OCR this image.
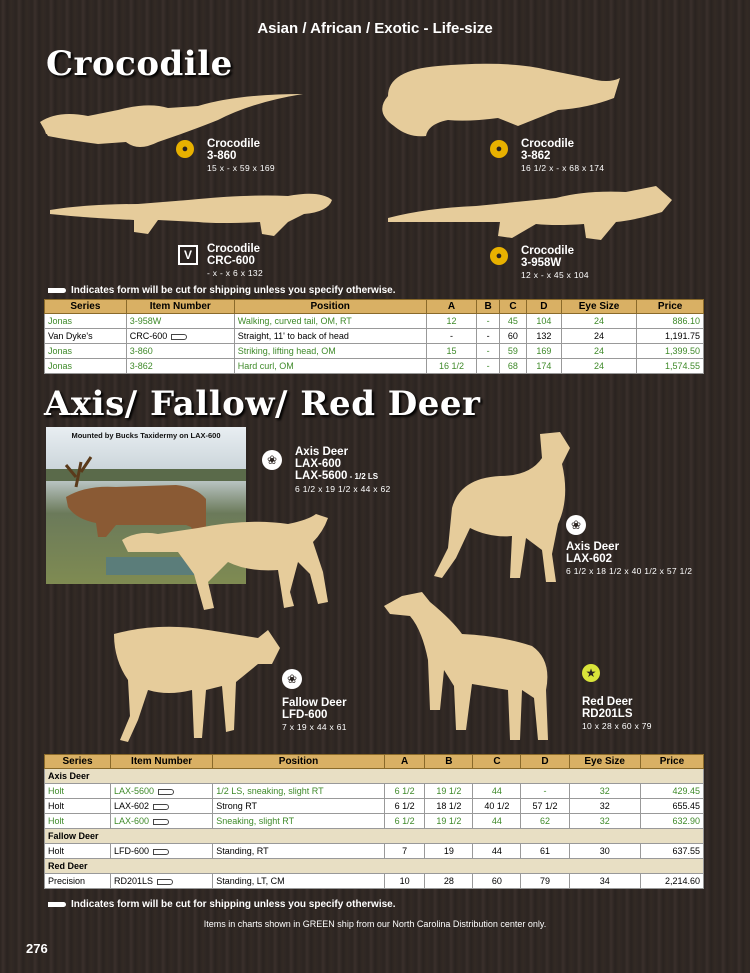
Asian / African / Exotic - Life-size
Crocodile
●	Crocodile
3-860
15 x - x 59 x 169
●	Crocodile
3-862
16 1/2 x - x 68 x 174
V	Crocodile
CRC-600
- x - x 6 x 132
●	Crocodile
3-958W
12 x - x 45 x 104
Indicates form will be cut for shipping unless you specify otherwise.
Series	Item Number	Position	A	B	C	D	Eye Size	Price
Jonas	3-958W	Walking, curved tail, OM, RT	12	-	45	104	24	886.10
Van Dyke's	CRC-600	Straight, 11' to back of head	-	-	60	132	24	1,191.75
Jonas	3-860	Striking, lifting head, OM	15	-	59	169	24	1,399.50
Jonas	3-862	Hard curl, OM	16 1/2	-	68	174	24	1,574.55
Axis/ Fallow/ Red Deer
Mounted by Bucks Taxidermy on LAX-600
❀
Axis Deer
LAX-600
LAX-5600 - 1/2 LS
6 1/2 x 19 1/2 x 44 x 62
❀
Axis Deer
LAX-602
6 1/2 x 18 1/2 x 40 1/2 x 57 1/2
❀
Fallow Deer
LFD-600
7 x 19 x 44 x 61
★
Red Deer
RD201LS
10 x 28 x 60 x 79
Series	Item Number	Position	A	B	C	D	Eye Size	Price
Axis Deer								
Holt	LAX-5600	1/2 LS, sneaking, slight RT	6 1/2	19 1/2	44	-	32	429.45
Holt	LAX-602	Strong RT	6 1/2	18 1/2	40 1/2	57 1/2	32	655.45
Holt	LAX-600	Sneaking, slight RT	6 1/2	19 1/2	44	62	32	632.90
Fallow Deer								
Holt	LFD-600	Standing, RT	7	19	44	61	30	637.55
Red Deer								
Precision	RD201LS	Standing, LT, CM	10	28	60	79	34	2,214.60
Indicates form will be cut for shipping unless you specify otherwise.
Items in charts shown in GREEN ship from our North Carolina Distribution center only.
276
